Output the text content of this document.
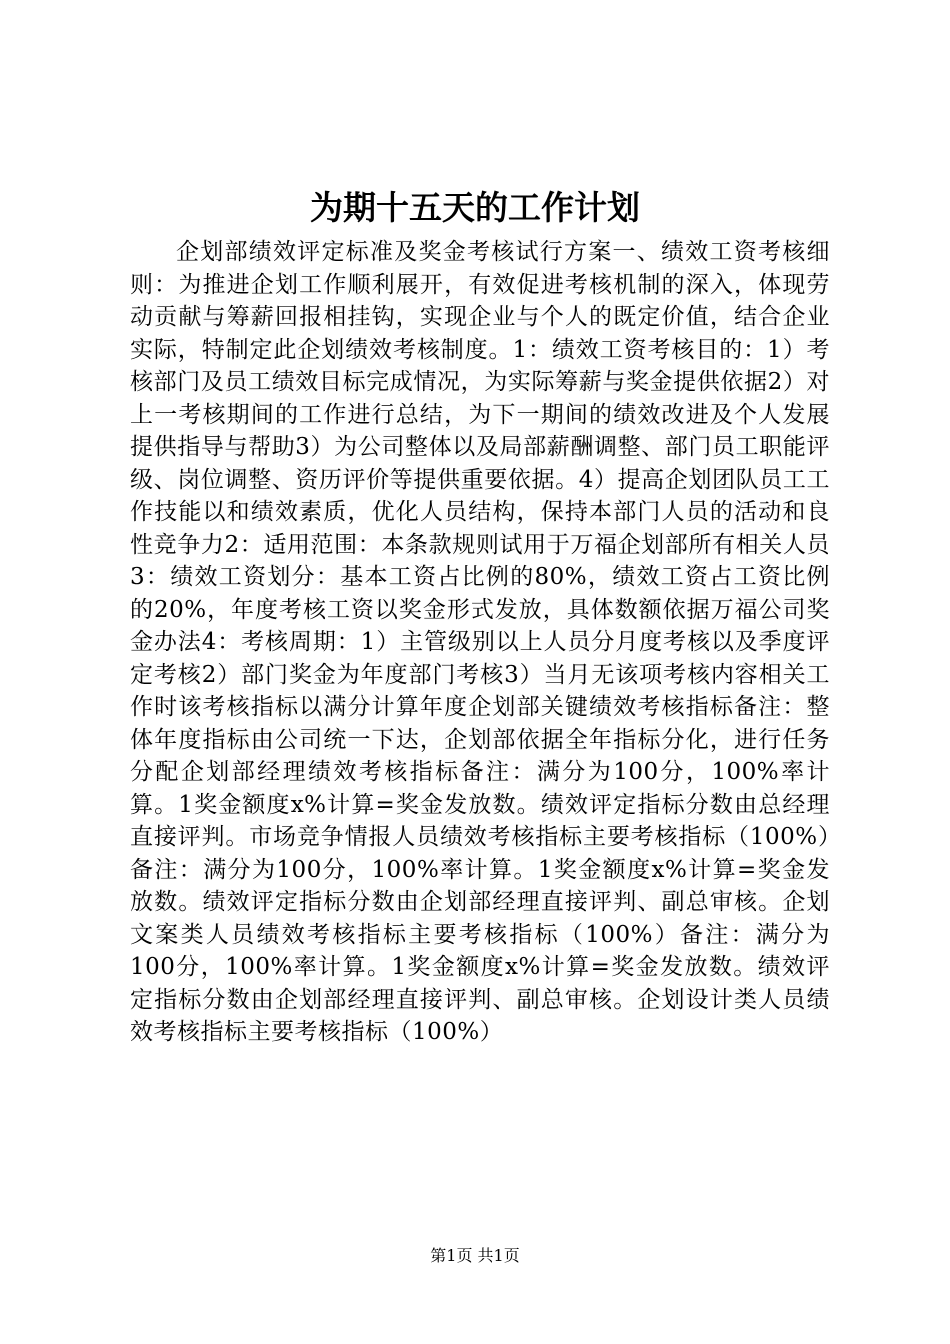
为期十五天的工作计划

企划部绩效评定标准及奖金考核试行方案一、绩效工资考核细则：为推进企划工作顺利展开，有效促进考核机制的深入，体现劳动贡献与筹薪回报相挂钩，实现企业与个人的既定价值，结合企业实际，特制定此企划绩效考核制度。1：绩效工资考核目的：1）考核部门及员工绩效目标完成情况，为实际筹薪与奖金提供依据2）对上一考核期间的工作进行总结，为下一期间的绩效改进及个人发展提供指导与帮助3）为公司整体以及局部薪酬调整、部门员工职能评级、岗位调整、资历评价等提供重要依据。4）提高企划团队员工工作技能以和绩效素质，优化人员结构，保持本部门人员的活动和良性竞争力2：适用范围：本条款规则试用于万福企划部所有相关人员3：绩效工资划分：基本工资占比例的80%，绩效工资占工资比例的20%，年度考核工资以奖金形式发放，具体数额依据万福公司奖金办法4：考核周期：1）主管级别以上人员分月度考核以及季度评定考核2）部门奖金为年度部门考核3）当月无该项考核内容相关工作时该考核指标以满分计算年度企划部关键绩效考核指标备注：整体年度指标由公司统一下达，企划部依据全年指标分化，进行任务分配企划部经理绩效考核指标备注：满分为100分，100%率计算。1奖金额度x%计算=奖金发放数。绩效评定指标分数由总经理直接评判。市场竞争情报人员绩效考核指标主要考核指标（100%）备注：满分为100分，100%率计算。1奖金额度x%计算=奖金发放数。绩效评定指标分数由企划部经理直接评判、副总审核。企划文案类人员绩效考核指标主要考核指标（100%）备注：满分为100分，100%率计算。1奖金额度x%计算=奖金发放数。绩效评定指标分数由企划部经理直接评判、副总审核。企划设计类人员绩效考核指标主要考核指标（100%）

第1页 共1页
